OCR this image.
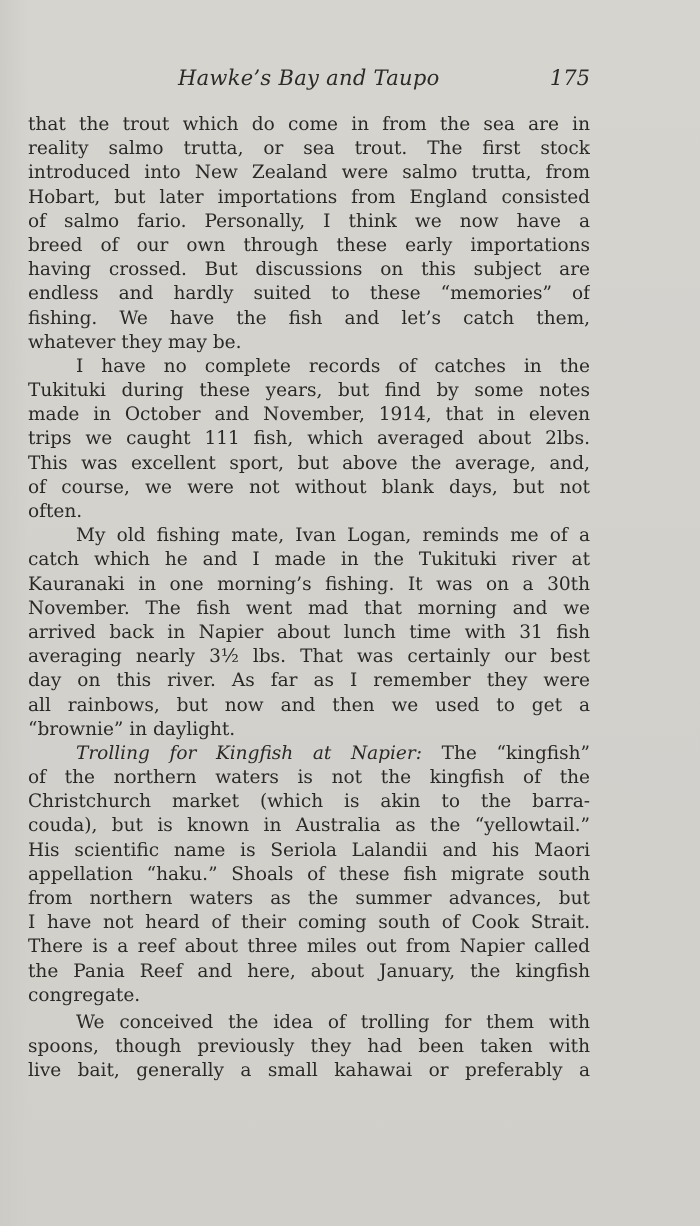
Hawke’s Bay and Taupo	175
that the trout which do come in from the sea are in
reality salmo trutta, or sea trout. The first stock
introduced into New Zealand were salmo trutta, from
Hobart, but later importations from England consisted
of salmo fario. Personally, I think we now have a
breed of our own through these early importations
having crossed. But discussions on this subject are
endless and hardly suited to these “memories” of
fishing. We have the fish and let’s catch them,
whatever they may be.
I have no complete records of catches in the
Tukituki during these years, but find by some notes
made in October and November, 1914, that in eleven
trips we caught 111 fish, which averaged about 2lbs.
This was excellent sport, but above the average, and,
of course, we were not without blank days, but not
often.
My old fishing mate, Ivan Logan, reminds me of a
catch which he and I made in the Tukituki river at
Kauranaki in one morning’s fishing. It was on a 30th
November. The fish went mad that morning and we
arrived back in Napier about lunch time with 31 fish
averaging nearly 3½ lbs. That was certainly our best
day on this river. As far as I remember they were
all rainbows, but now and then we used to get a
“brownie” in daylight.
Trolling for Kingfish at Napier: The “kingfish”
of the northern waters is not the kingfish of the
Christchurch market (which is akin to the barra-
couda), but is known in Australia as the “yellowtail.”
His scientific name is Seriola Lalandii and his Maori
appellation “haku.” Shoals of these fish migrate south
from northern waters as the summer advances, but
I have not heard of their coming south of Cook Strait.
There is a reef about three miles out from Napier called
the Pania Reef and here, about January, the kingfish
congregate.
We conceived the idea of trolling for them with
spoons, though previously they had been taken with
live bait, generally a small kahawai or preferably a
